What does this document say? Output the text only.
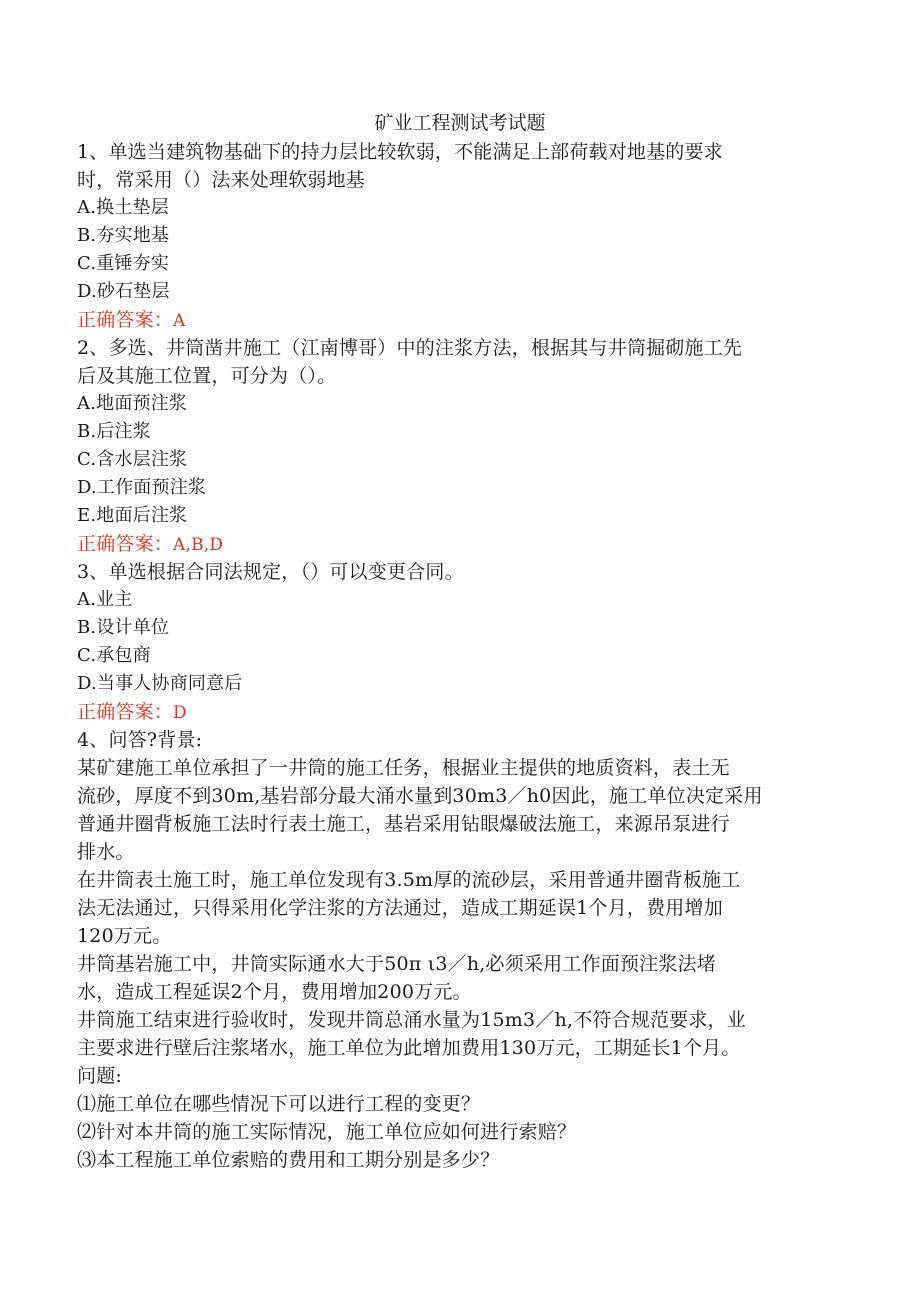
矿业工程测试考试题
1、单选当建筑物基础下的持力层比较软弱，不能满足上部荷载对地基的要求
时，常采用（）法来处理软弱地基
A.换土垫层
B.夯实地基
C.重锤夯实
D.砂石垫层
正确答案：A
2、多选、井筒凿井施工（江南博哥）中的注浆方法，根据其与井筒掘砌施工先
后及其施工位置，可分为（）。
A.地面预注浆
B.后注浆
C.含水层注浆
D.工作面预注浆
E.地面后注浆
正确答案：A,B,D
3、单选根据合同法规定，（）可以变更合同。
A.业主
B.设计单位
C.承包商
D.当事人协商同意后
正确答案：D
4、问答?背景:
某矿建施工单位承担了一井筒的施工任务，根据业主提供的地质资料，表土无
流砂，厚度不到30m,基岩部分最大涌水量到30m3／h0因此，施工单位决定采用
普通井圈背板施工法时行表土施工，基岩采用钻眼爆破法施工，来源吊泵进行
排水。
在井筒表土施工时，施工单位发现有3.5m厚的流砂层，采用普通井圈背板施工
法无法通过，只得采用化学注浆的方法通过，造成工期延误1个月，费用增加
120万元。
井筒基岩施工中，井筒实际通水大于50π ι3／h,必须采用工作面预注浆法堵
水，造成工程延误2个月，费用增加200万元。
井筒施工结束进行验收时，发现井筒总涌水量为15m3／h,不符合规范要求，业
主要求进行壁后注浆堵水，施工单位为此增加费用130万元，工期延长1个月。
问题:
⑴施工单位在哪些情况下可以进行工程的变更？
⑵针对本井筒的施工实际情况，施工单位应如何进行索赔？
⑶本工程施工单位索赔的费用和工期分别是多少？
